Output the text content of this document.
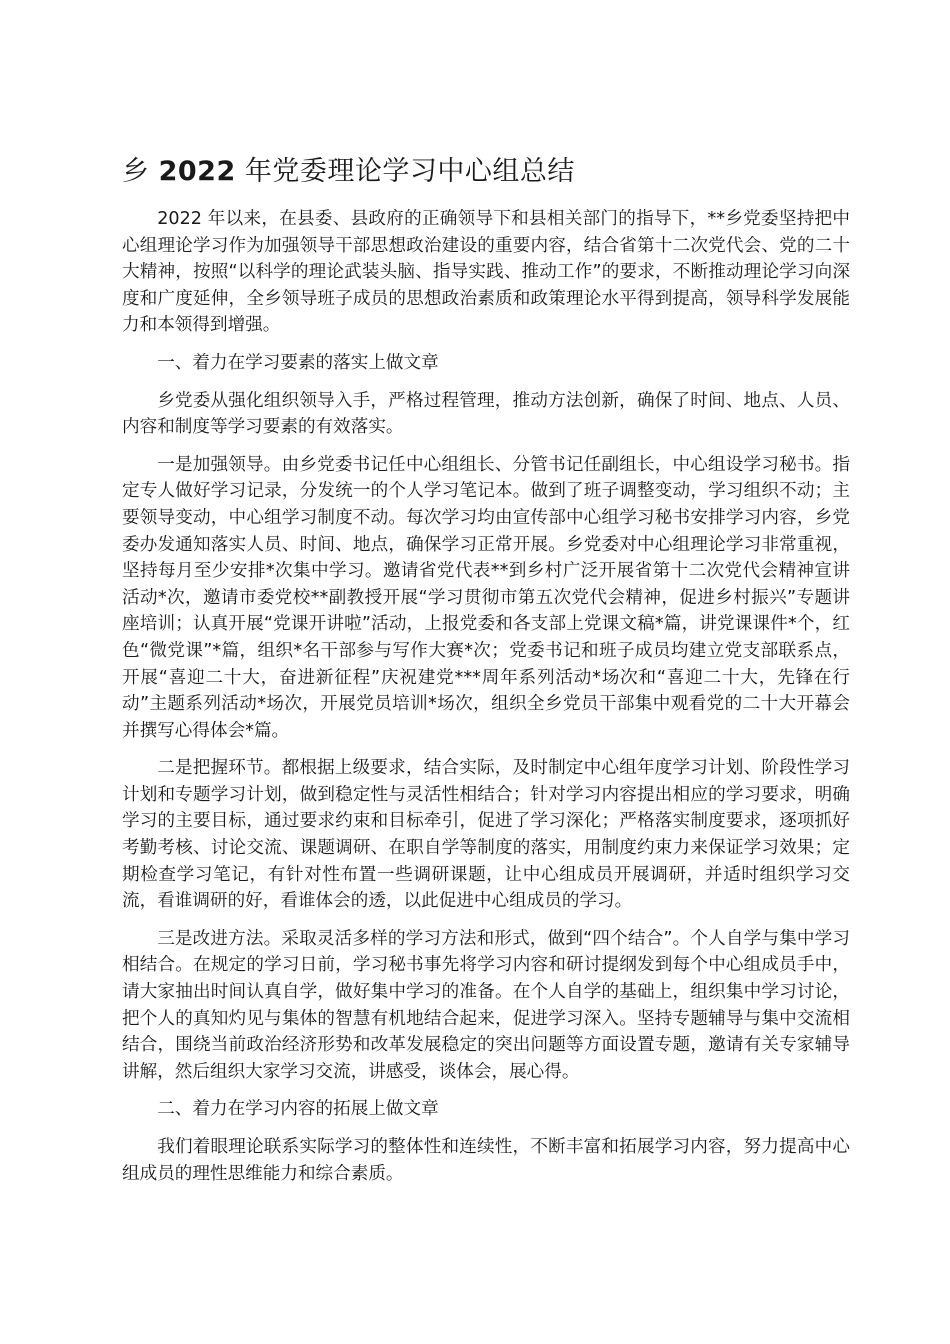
乡 2022 年党委理论学习中心组总结

2022 年以来，在县委、县政府的正确领导下和县相关部门的指导下，**乡党委坚持把中心组理论学习作为加强领导干部思想政治建设的重要内容，结合省第十二次党代会、党的二十大精神，按照“以科学的理论武装头脑、指导实践、推动工作”的要求，不断推动理论学习向深度和广度延伸，全乡领导班子成员的思想政治素质和政策理论水平得到提高，领导科学发展能力和本领得到增强。

一、着力在学习要素的落实上做文章

乡党委从强化组织领导入手，严格过程管理，推动方法创新，确保了时间、地点、人员、内容和制度等学习要素的有效落实。

一是加强领导。由乡党委书记任中心组组长、分管书记任副组长，中心组设学习秘书。指定专人做好学习记录，分发统一的个人学习笔记本。做到了班子调整变动，学习组织不动；主要领导变动，中心组学习制度不动。每次学习均由宣传部中心组学习秘书安排学习内容，乡党委办发通知落实人员、时间、地点，确保学习正常开展。乡党委对中心组理论学习非常重视，坚持每月至少安排*次集中学习。邀请省党代表**到乡村广泛开展省第十二次党代会精神宣讲活动*次，邀请市委党校**副教授开展“学习贯彻市第五次党代会精神，促进乡村振兴”专题讲座培训；认真开展“党课开讲啦”活动，上报党委和各支部上党课文稿*篇，讲党课课件*个，红色“微党课”*篇，组织*名干部参与写作大赛*次；党委书记和班子成员均建立党支部联系点，开展“喜迎二十大，奋进新征程”庆祝建党***周年系列活动*场次和“喜迎二十大，先锋在行动”主题系列活动*场次，开展党员培训*场次，组织全乡党员干部集中观看党的二十大开幕会并撰写心得体会*篇。

二是把握环节。都根据上级要求，结合实际，及时制定中心组年度学习计划、阶段性学习计划和专题学习计划，做到稳定性与灵活性相结合；针对学习内容提出相应的学习要求，明确学习的主要目标，通过要求约束和目标牵引，促进了学习深化；严格落实制度要求，逐项抓好考勤考核、讨论交流、课题调研、在职自学等制度的落实，用制度约束力来保证学习效果；定期检查学习笔记，有针对性布置一些调研课题，让中心组成员开展调研，并适时组织学习交流，看谁调研的好，看谁体会的透，以此促进中心组成员的学习。

三是改进方法。采取灵活多样的学习方法和形式，做到“四个结合”。个人自学与集中学习相结合。在规定的学习日前，学习秘书事先将学习内容和研讨提纲发到每个中心组成员手中，请大家抽出时间认真自学，做好集中学习的准备。在个人自学的基础上，组织集中学习讨论，把个人的真知灼见与集体的智慧有机地结合起来，促进学习深入。坚持专题辅导与集中交流相结合，围绕当前政治经济形势和改革发展稳定的突出问题等方面设置专题，邀请有关专家辅导讲解，然后组织大家学习交流，讲感受，谈体会，展心得。

二、着力在学习内容的拓展上做文章

我们着眼理论联系实际学习的整体性和连续性，不断丰富和拓展学习内容，努力提高中心组成员的理性思维能力和综合素质。
